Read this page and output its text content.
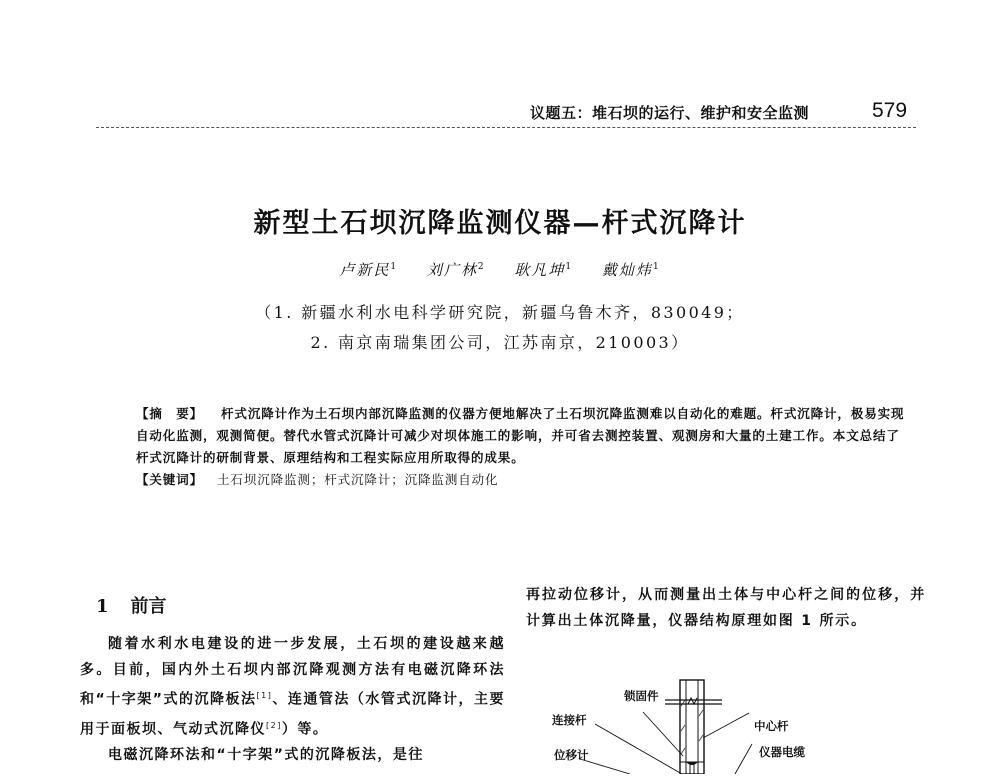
议题五：堆石坝的运行、维护和安全监测	579
新型土石坝沉降监测仪器—杆式沉降计
卢新民$^1$ 刘广林$^2$ 耿凡坤$^1$ 戴灿炜$^1$
（1. 新疆水利水电科学研究院，新疆乌鲁木齐，830049；
2. 南京南瑞集团公司，江苏南京，210003）
【摘　要】 杆式沉降计作为土石坝内部沉降监测的仪器方便地解决了土石坝沉降监测难以自动化的难题。杆式沉降计，极易实现自动化监测，观测简便。替代水管式沉降计可减少对坝体施工的影响，并可省去测控装置、观测房和大量的土建工作。本文总结了杆式沉降计的研制背景、原理结构和工程实际应用所取得的成果。
【关键词】 土石坝沉降监测；杆式沉降计；沉降监测自动化
1 前言

随着水利水电建设的进一步发展，土石坝的建设越来越多。目前，国内外土石坝内部沉降观测方法有电磁沉降环法和“十字架”式的沉降板法[1]、连通管法（水管式沉降计，主要用于面板坝、气动式沉降仪[2]）等。

电磁沉降环法和“十字架”式的沉降板法，是往

再拉动位移计，从而测量出土体与中心杆之间的位移，并计算出土体沉降量，仪器结构原理如图 1 所示。

锁固件
连接杆
位移计
中心杆
仪器电缆
